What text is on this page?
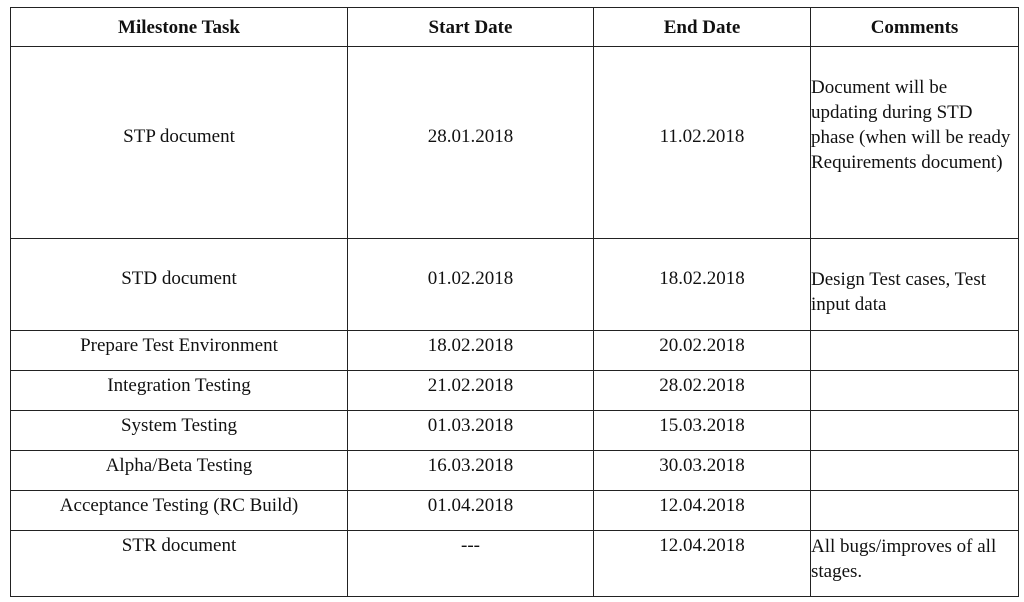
Milestone Task	Start Date	End Date	Comments
STP document	28.01.2018	11.02.2018	Document will be updating during STD phase (when will be ready Requirements document)
STD document	01.02.2018	18.02.2018	Design Test cases, Test input data
Prepare Test Environment	18.02.2018	20.02.2018	
Integration Testing	21.02.2018	28.02.2018	
System Testing	01.03.2018	15.03.2018	
Alpha/Beta Testing	16.03.2018	30.03.2018	
Acceptance Testing (RC Build)	01.04.2018	12.04.2018	
STR document	---	12.04.2018	All bugs/improves of all stages.
